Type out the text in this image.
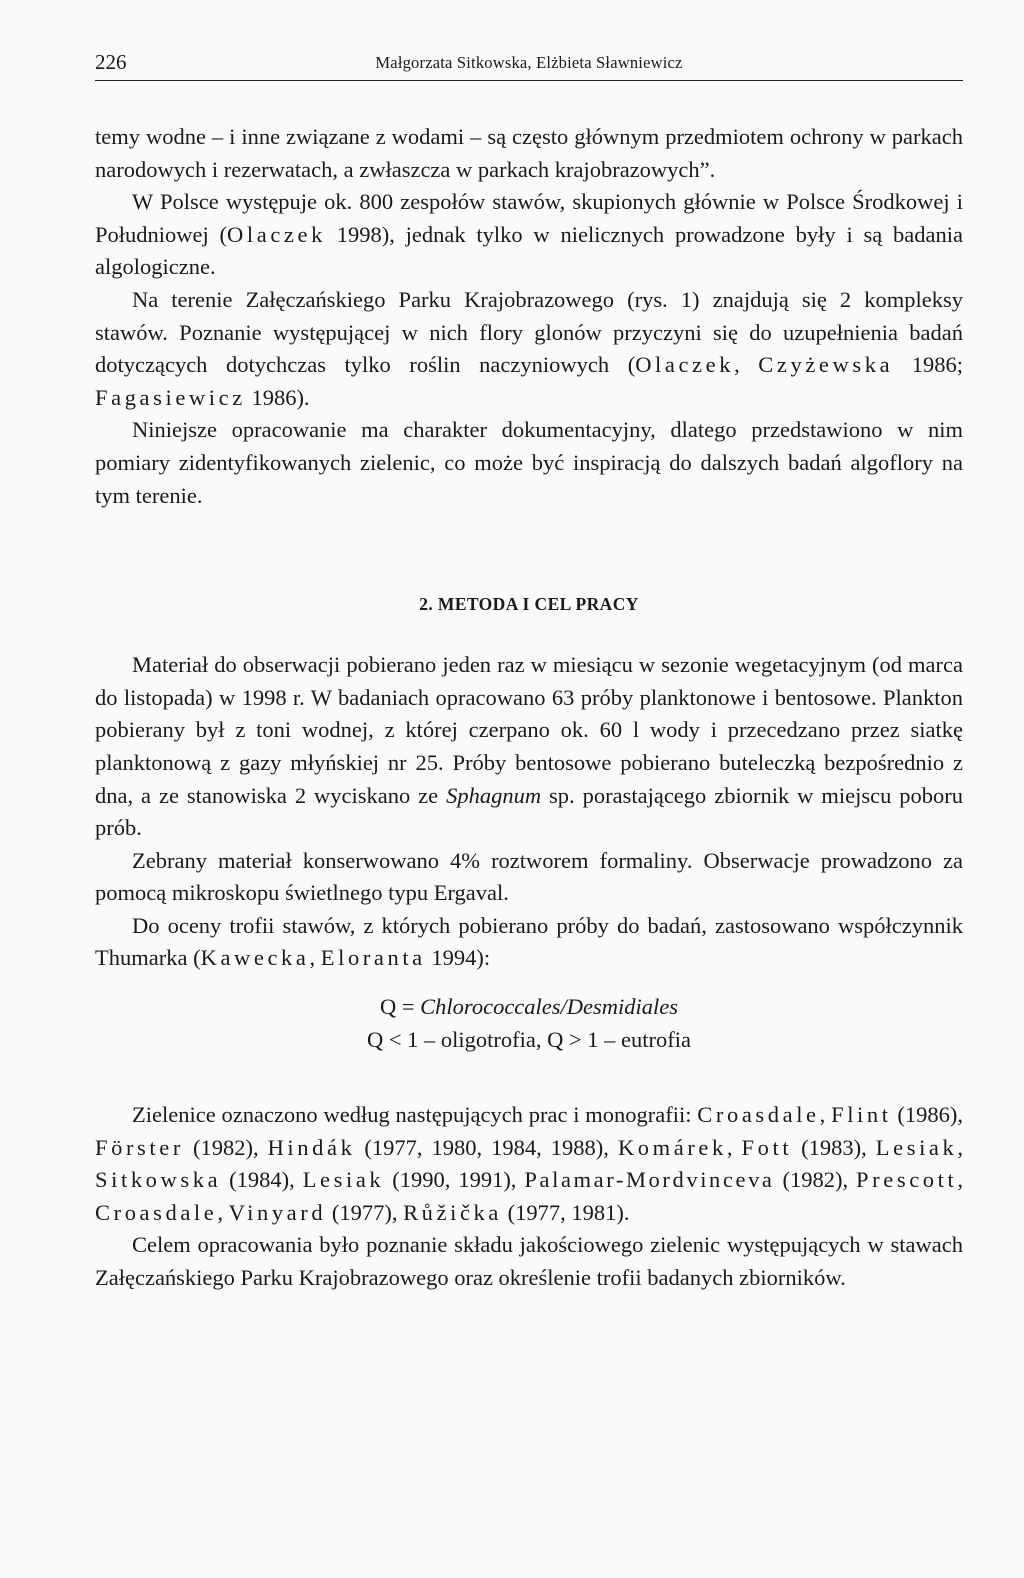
226	Małgorzata Sitkowska, Elżbieta Sławniewicz

temy wodne – i inne związane z wodami – są często głównym przedmiotem ochrony w parkach narodowych i rezerwatach, a zwłaszcza w parkach krajobrazowych”.

W Polsce występuje ok. 800 zespołów stawów, skupionych głównie w Polsce Środkowej i Południowej (Olaczek 1998), jednak tylko w nielicznych prowadzone były i są badania algologiczne.

Na terenie Załęczańskiego Parku Krajobrazowego (rys. 1) znajdują się 2 kompleksy stawów. Poznanie występującej w nich flory glonów przyczyni się do uzupełnienia badań dotyczących dotychczas tylko roślin naczyniowych (Olaczek, Czyżewska 1986; Fagasiewicz 1986).

Niniejsze opracowanie ma charakter dokumentacyjny, dlatego przedstawiono w nim pomiary zidentyfikowanych zielenic, co może być inspiracją do dalszych badań algoflory na tym terenie.

2. METODA I CEL PRACY

Materiał do obserwacji pobierano jeden raz w miesiącu w sezonie wegetacyjnym (od marca do listopada) w 1998 r. W badaniach opracowano 63 próby planktonowe i bentosowe. Plankton pobierany był z toni wodnej, z której czerpano ok. 60 l wody i przecedzano przez siatkę planktonową z gazy młyńskiej nr 25. Próby bentosowe pobierano buteleczką bezpośrednio z dna, a ze stanowiska 2 wyciskano ze Sphagnum sp. porastającego zbiornik w miejscu poboru prób.

Zebrany materiał konserwowano 4% roztworem formaliny. Obserwacje prowadzono za pomocą mikroskopu świetlnego typu Ergaval.

Do oceny trofii stawów, z których pobierano próby do badań, zastosowano współczynnik Thumarka (Kawecka, Eloranta 1994):

Q = Chlorococcales/Desmidiales
Q < 1 – oligotrofia, Q > 1 – eutrofia

Zielenice oznaczono według następujących prac i monografii: Croasdale, Flint (1986), Förster (1982), Hindák (1977, 1980, 1984, 1988), Komárek, Fott (1983), Lesiak, Sitkowska (1984), Lesiak (1990, 1991), Palamar-Mordvinceva (1982), Prescott, Croasdale, Vinyard (1977), Růžička (1977, 1981).

Celem opracowania było poznanie składu jakościowego zielenic występujących w stawach Załęczańskiego Parku Krajobrazowego oraz określenie trofii badanych zbiorników.
